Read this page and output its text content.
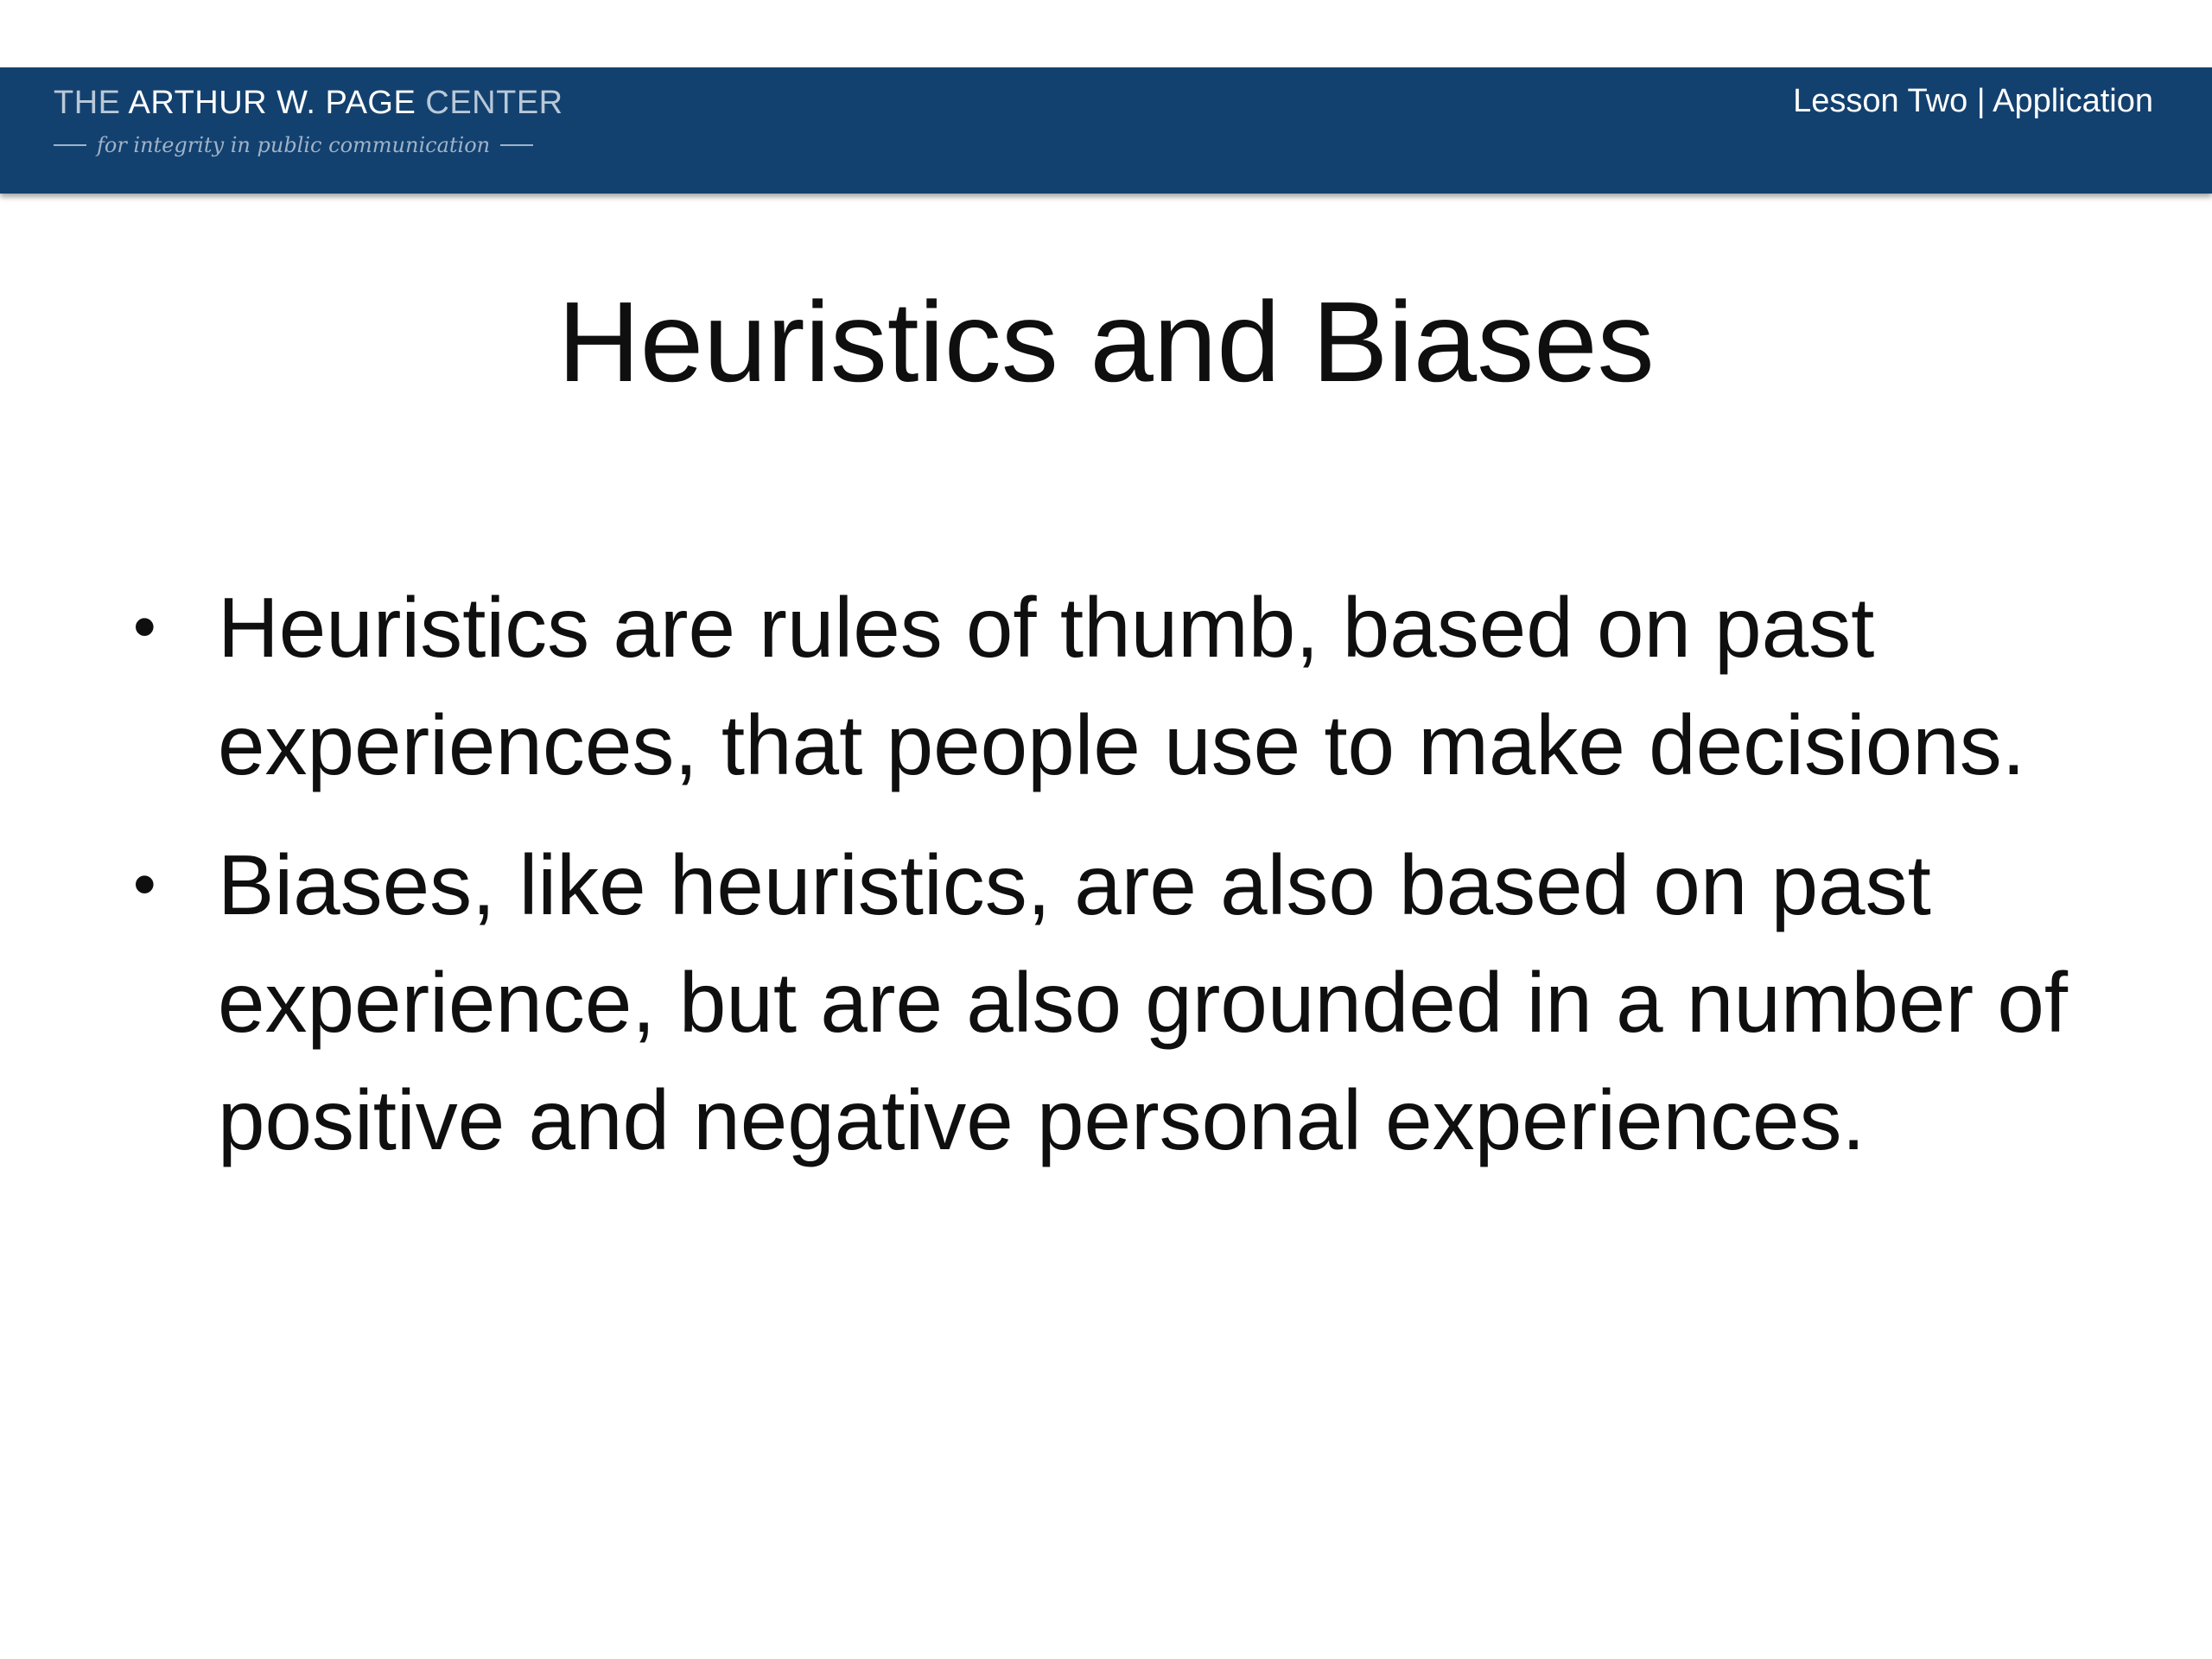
THE ARTHUR W. PAGE CENTER
for integrity in public communication
Lesson Two | Application
Heuristics and Biases
• Heuristics are rules of thumb, based on past experiences, that people use to make decisions.
• Biases, like heuristics, are also based on past experience, but are also grounded in a number of positive and negative personal experiences.
